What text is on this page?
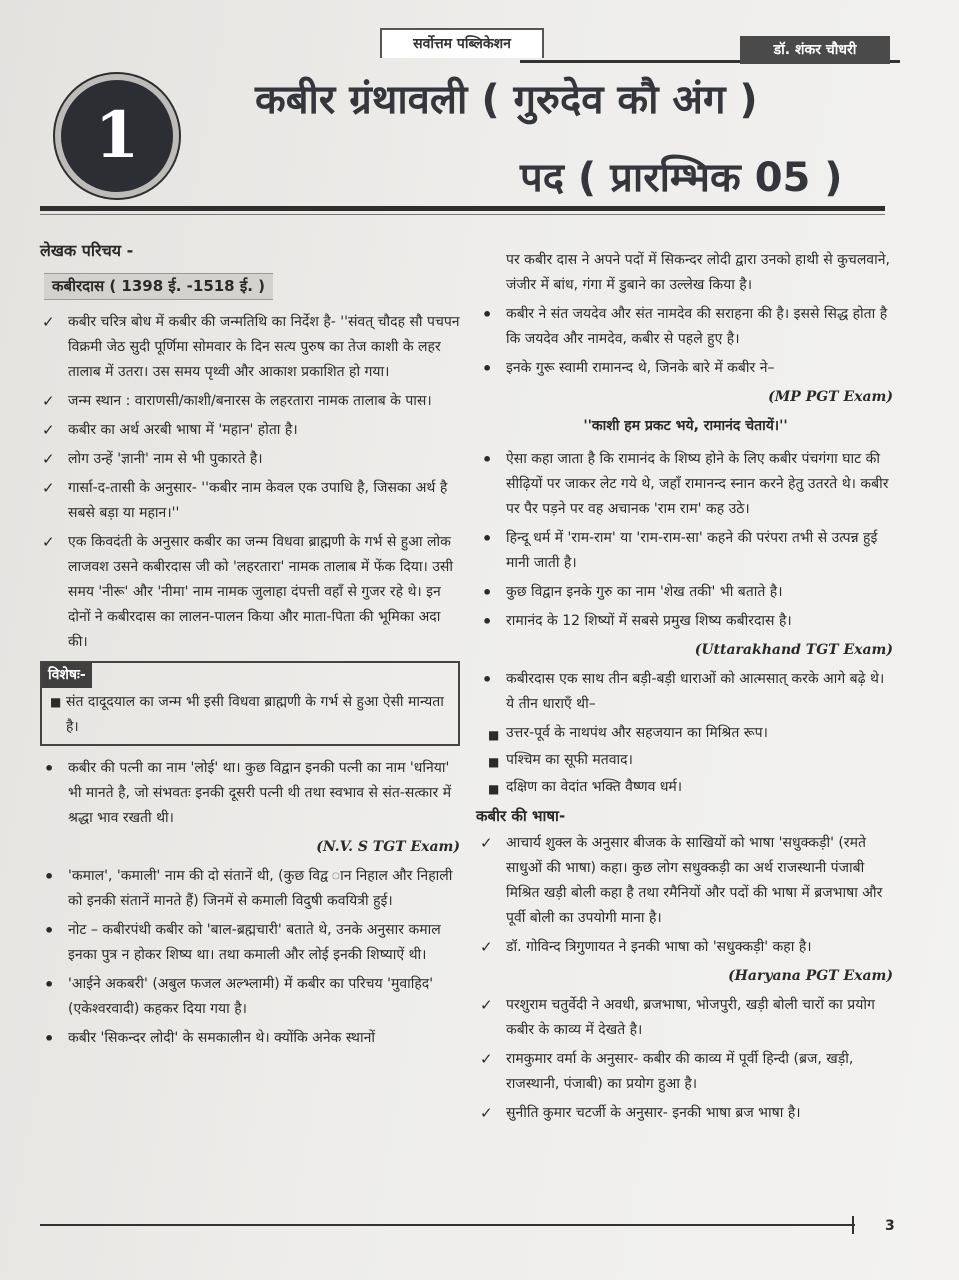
सर्वोत्तम पब्लिकेशन	डॉ. शंकर चौधरी
1	कबीर ग्रंथावली ( गुरुदेव कौ अंग )
पद ( प्रारम्भिक 05 )
लेखक परिचय -
कबीरदास ( 1398 ई. -1518 ई. )
✓ कबीर चरित्र बोध में कबीर की जन्मतिथि का निर्देश है- ''संवत् चौदह सौ पचपन विक्रमी जेठ सुदी पूर्णिमा सोमवार के दिन सत्य पुरुष का तेज काशी के लहर तालाब में उतरा। उस समय पृथ्वी और आकाश प्रकाशित हो गया।
✓ जन्म स्थान : वाराणसी/काशी/बनारस के लहरतारा नामक तालाब के पास।
✓ कबीर का अर्थ अरबी भाषा में 'महान' होता है।
✓ लोग उन्हें 'ज्ञानी' नाम से भी पुकारते है।
✓ गार्सा-द-तासी के अनुसार- ''कबीर नाम केवल एक उपाधि है, जिसका अर्थ है सबसे बड़ा या महान।''
✓ एक किवदंती के अनुसार कबीर का जन्म विधवा ब्राह्मणी के गर्भ से हुआ लोक लाजवश उसने कबीरदास जी को 'लहरतारा' नामक तालाब में फेंक दिया। उसी समय 'नीरू' और 'नीमा' नाम नामक जुलाहा दंपत्ती वहाँ से गुजर रहे थे। इन दोनों ने कबीरदास का लालन-पालन किया और माता-पिता की भूमिका अदा की।
विशेषः-
■ संत दादूदयाल का जन्म भी इसी विधवा ब्राह्मणी के गर्भ से हुआ ऐसी मान्यता है।
• कबीर की पत्नी का नाम 'लोई' था। कुछ विद्वान इनकी पत्नी का नाम 'धनिया' भी मानते है, जो संभवतः इनकी दूसरी पत्नी थी तथा स्वभाव से संत-सत्कार में श्रद्धा भाव रखती थी।
(N.V. S TGT Exam)
• 'कमाल', 'कमाली' नाम की दो संतानें थी, (कुछ विद्व ान निहाल और निहाली को इनकी संतानें मानते हैं) जिनमें से कमाली विदुषी कवयित्री हुई।
• नोट – कबीरपंथी कबीर को 'बाल-ब्रह्मचारी' बताते थे, उनके अनुसार कमाल इनका पुत्र न होकर शिष्य था। तथा कमाली और लोई इनकी शिष्याऐं थी।
• 'आईने अकबरी' (अबुल फजल अल्भ्लामी) में कबीर का परिचय 'मुवाहिद' (एकेश्वरवादी) कहकर दिया गया है।
• कबीर 'सिकन्दर लोदी' के समकालीन थे। क्योंकि अनेक स्थानों
पर कबीर दास ने अपने पदों में सिकन्दर लोदी द्वारा उनको हाथी से कुचलवाने, जंजीर में बांध, गंगा में डुबाने का उल्लेख किया है।
• कबीर ने संत जयदेव और संत नामदेव की सराहना की है। इससे सिद्ध होता है कि जयदेव और नामदेव, कबीर से पहले हुए है।
• इनके गुरू स्वामी रामानन्द थे, जिनके बारे में कबीर ने–
(MP PGT Exam)
''काशी हम प्रकट भये, रामानंद चेतायें।''
• ऐसा कहा जाता है कि रामानंद के शिष्य होने के लिए कबीर पंचगंगा घाट की सीढ़ियों पर जाकर लेट गये थे, जहाँ रामानन्द स्नान करने हेतु उतरते थे। कबीर पर पैर पड़ने पर वह अचानक 'राम राम' कह उठे।
• हिन्दू धर्म में 'राम-राम' या 'राम-राम-सा' कहने की परंपरा तभी से उत्पन्न हुई मानी जाती है।
• कुछ विद्वान इनके गुरु का नाम 'शेख तकी' भी बताते है।
• रामानंद के 12 शिष्यों में सबसे प्रमुख शिष्य कबीरदास है।
(Uttarakhand TGT Exam)
• कबीरदास एक साथ तीन बड़ी-बड़ी धाराओं को आत्मसात् करके आगे बढ़े थे। ये तीन धाराएँ थी–
■ उत्तर-पूर्व के नाथपंथ और सहजयान का मिश्रित रूप।
■ पश्चिम का सूफी मतवाद।
■ दक्षिण का वेदांत भक्ति वैष्णव धर्म।
कबीर की भाषा-
✓ आचार्य शुक्ल के अनुसार बीजक के साखियों को भाषा 'सधुक्कड़ी' (रमते साधुओं की भाषा) कहा। कुछ लोग सधुक्कड़ी का अर्थ राजस्थानी पंजाबी मिश्रित खड़ी बोली कहा है तथा रमैनियों और पदों की भाषा में ब्रजभाषा और पूर्वी बोली का उपयोगी माना है।
✓ डॉ. गोविन्द त्रिगुणायत ने इनकी भाषा को 'सधुक्कड़ी' कहा है।
(Haryana PGT Exam)
✓ परशुराम चतुर्वेदी ने अवधी, ब्रजभाषा, भोजपुरी, खड़ी बोली चारों का प्रयोग कबीर के काव्य में देखते है।
✓ रामकुमार वर्मा के अनुसार- कबीर की काव्य में पूर्वी हिन्दी (ब्रज, खड़ी, राजस्थानी, पंजाबी) का प्रयोग हुआ है।
✓ सुनीति कुमार चटर्जी के अनुसार- इनकी भाषा ब्रज भाषा है।
3
